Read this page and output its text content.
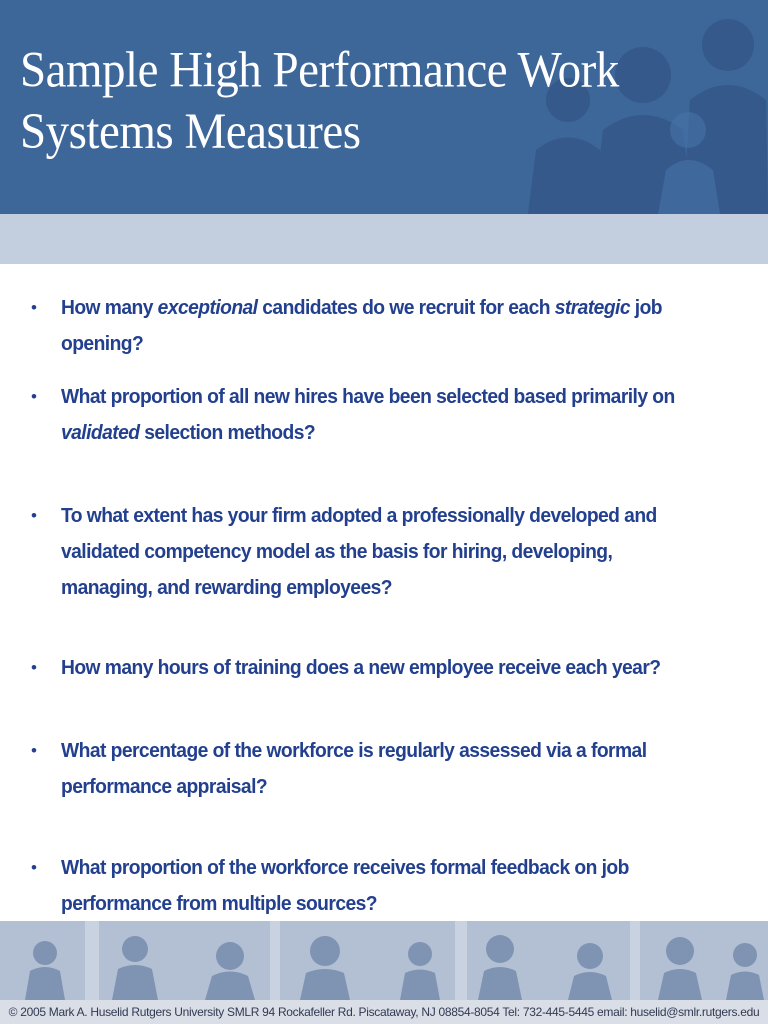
Sample High Performance Work
Systems Measures
• How many exceptional candidates do we recruit for each strategic job opening?
• What proportion of all new hires have been selected based primarily on validated selection methods?
• To what extent has your firm adopted a professionally developed and validated competency model as the basis for hiring, developing, managing, and rewarding employees?
• How many hours of training does a new employee receive each year?
• What percentage of the workforce is regularly assessed via a formal performance appraisal?
• What proportion of the workforce receives formal feedback on job performance from multiple sources?
© 2005 Mark A. Huselid Rutgers University SMLR 94 Rockafeller Rd. Piscataway, NJ 08854-8054 Tel: 732-445-5445 email: huselid@smlr.rutgers.edu
